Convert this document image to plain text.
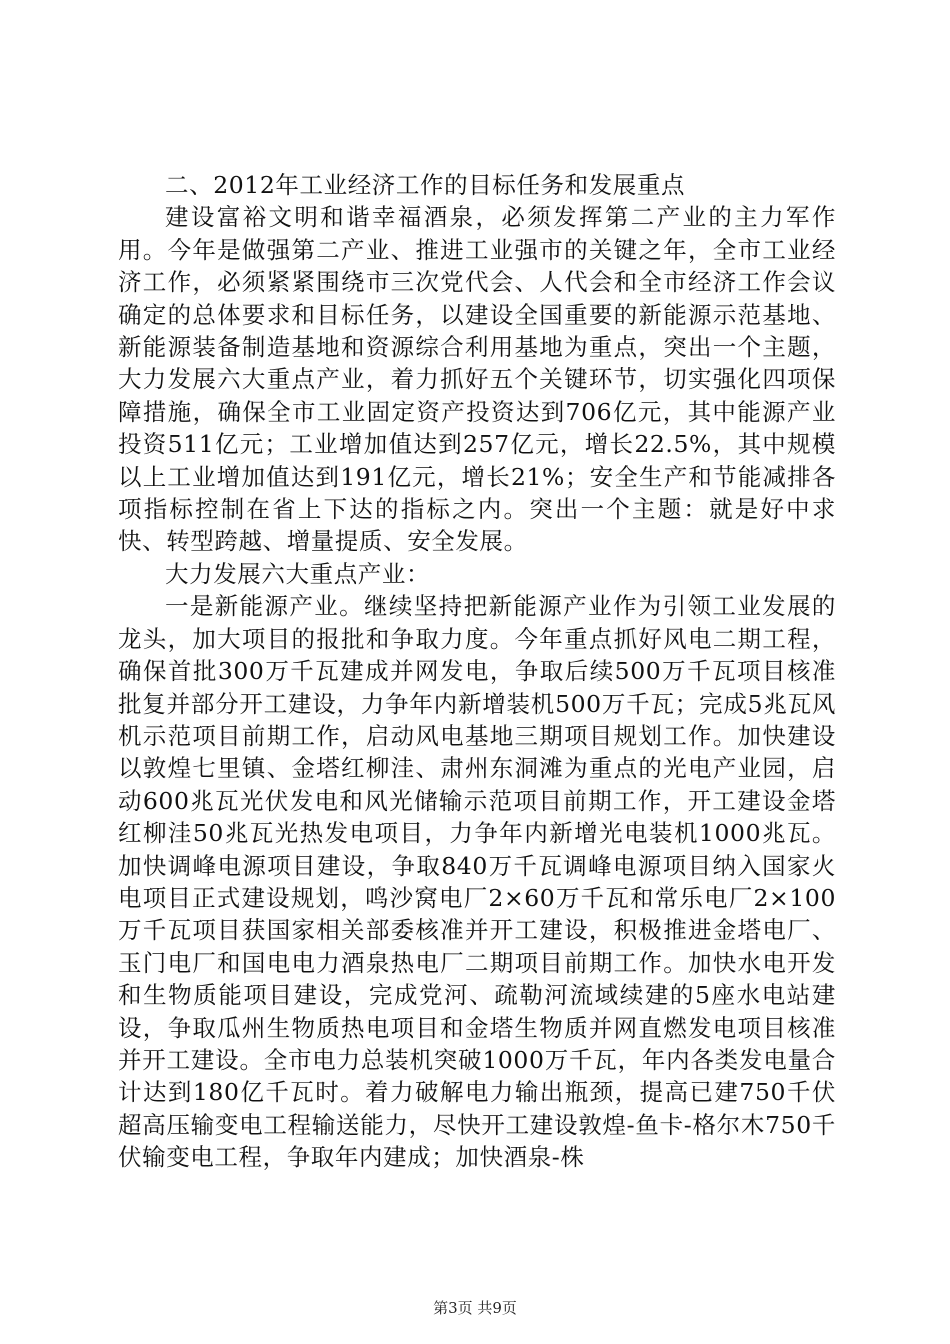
二、2012年工业经济工作的目标任务和发展重点

建设富裕文明和谐幸福酒泉，必须发挥第二产业的主力军作用。今年是做强第二产业、推进工业强市的关键之年，全市工业经济工作，必须紧紧围绕市三次党代会、人代会和全市经济工作会议确定的总体要求和目标任务，以建设全国重要的新能源示范基地、新能源装备制造基地和资源综合利用基地为重点，突出一个主题，大力发展六大重点产业，着力抓好五个关键环节，切实强化四项保障措施，确保全市工业固定资产投资达到706亿元，其中能源产业投资511亿元；工业增加值达到257亿元，增长22.5%，其中规模以上工业增加值达到191亿元，增长21%；安全生产和节能减排各项指标控制在省上下达的指标之内。突出一个主题：就是好中求快、转型跨越、增量提质、安全发展。

大力发展六大重点产业：

一是新能源产业。继续坚持把新能源产业作为引领工业发展的龙头，加大项目的报批和争取力度。今年重点抓好风电二期工程，确保首批300万千瓦建成并网发电，争取后续500万千瓦项目核准批复并部分开工建设，力争年内新增装机500万千瓦；完成5兆瓦风机示范项目前期工作，启动风电基地三期项目规划工作。加快建设以敦煌七里镇、金塔红柳洼、肃州东洞滩为重点的光电产业园，启动600兆瓦光伏发电和风光储输示范项目前期工作，开工建设金塔红柳洼50兆瓦光热发电项目，力争年内新增光电装机1000兆瓦。加快调峰电源项目建设，争取840万千瓦调峰电源项目纳入国家火电项目正式建设规划，鸣沙窝电厂2×60万千瓦和常乐电厂2×100万千瓦项目获国家相关部委核准并开工建设，积极推进金塔电厂、玉门电厂和国电电力酒泉热电厂二期项目前期工作。加快水电开发和生物质能项目建设，完成党河、疏勒河流域续建的5座水电站建设，争取瓜州生物质热电项目和金塔生物质并网直燃发电项目核准并开工建设。全市电力总装机突破1000万千瓦，年内各类发电量合计达到180亿千瓦时。着力破解电力输出瓶颈，提高已建750千伏超高压输变电工程输送能力，尽快开工建设敦煌-鱼卡-格尔木750千伏输变电工程，争取年内建成；加快酒泉-株

第3页 共9页
